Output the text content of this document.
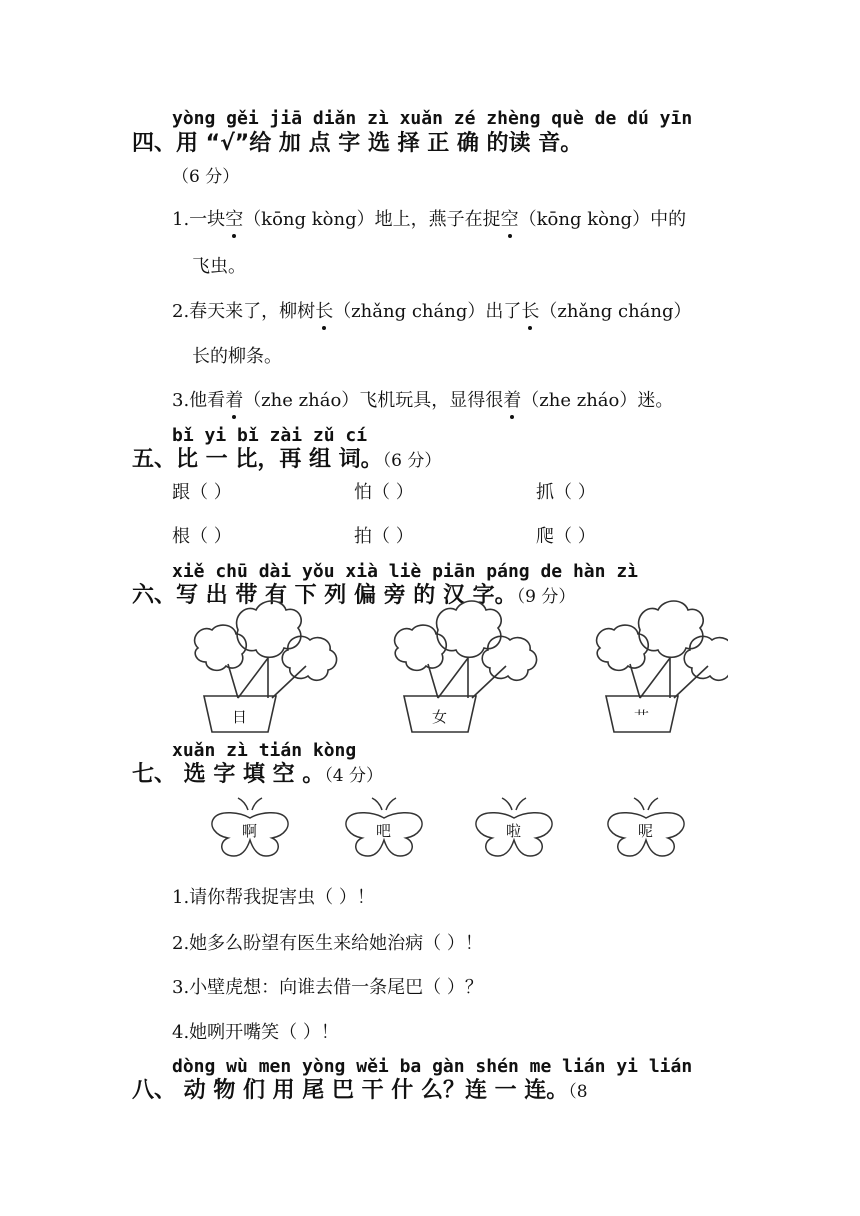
yòng gěi jiā diǎn zì xuǎn zé zhèng què de dú yīn
四、用 “√”给 加 点 字 选 择 正 确 的读 音。
（6 分）
1.一块空（kōng kòng）地上，燕子在捉空（kōng kòng）中的
飞虫。
2.春天来了，柳树长（zhǎng cháng）出了长（zhǎng cháng）
长的柳条。
3.他看着（zhe zháo）飞机玩具，显得很着（zhe zháo）迷。
bǐ yi bǐ zài zǔ cí
五、比 一 比，再 组 词。（6 分）
跟（ ）	怕（ ）	抓（ ）
根（ ）	拍（ ）	爬（ ）
xiě chū dài yǒu xià liè piān páng de hàn zì
六、写 出 带 有 下 列 偏 旁 的 汉 字。（9 分）
日	女	艹
xuǎn zì tián kòng
七、 选 字 填 空 。（4 分）
啊	吧	啦	呢
1.请你帮我捉害虫（ ）！
2.她多么盼望有医生来给她治病（ ）！
3.小壁虎想：向谁去借一条尾巴（ ）？
4.她咧开嘴笑（ ）！
dòng wù men yòng wěi ba gàn shén me lián yi lián
八、 动 物 们 用 尾 巴 干 什 么？连 一 连。（8
